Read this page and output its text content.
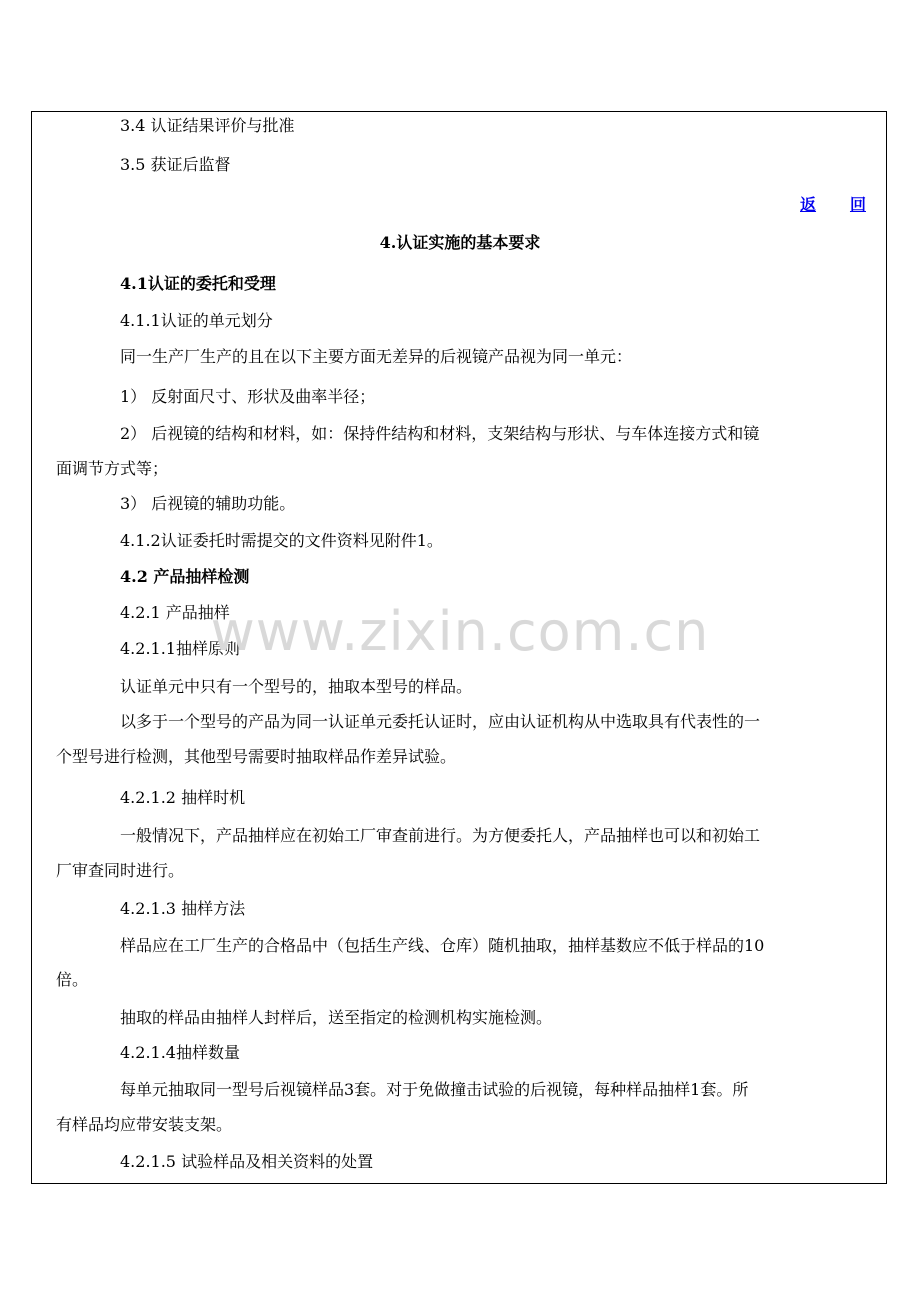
3.4 认证结果评价与批准
3.5 获证后监督
返 回
4.认证实施的基本要求
4.1认证的委托和受理
4.1.1认证的单元划分
同一生产厂生产的且在以下主要方面无差异的后视镜产品视为同一单元：
1） 反射面尺寸、形状及曲率半径；
2） 后视镜的结构和材料，如：保持件结构和材料，支架结构与形状、与车体连接方式和镜
面调节方式等；
3） 后视镜的辅助功能。
4.1.2认证委托时需提交的文件资料见附件1。
4.2 产品抽样检测
4.2.1 产品抽样
4.2.1.1抽样原则
认证单元中只有一个型号的，抽取本型号的样品。
以多于一个型号的产品为同一认证单元委托认证时，应由认证机构从中选取具有代表性的一
个型号进行检测，其他型号需要时抽取样品作差异试验。
4.2.1.2 抽样时机
一般情况下，产品抽样应在初始工厂审查前进行。为方便委托人，产品抽样也可以和初始工
厂审查同时进行。
4.2.1.3 抽样方法
样品应在工厂生产的合格品中（包括生产线、仓库）随机抽取，抽样基数应不低于样品的10
倍。
抽取的样品由抽样人封样后，送至指定的检测机构实施检测。
4.2.1.4抽样数量
每单元抽取同一型号后视镜样品3套。对于免做撞击试验的后视镜，每种样品抽样1套。所
有样品均应带安装支架。
4.2.1.5 试验样品及相关资料的处置
www.zixin.com.cn
